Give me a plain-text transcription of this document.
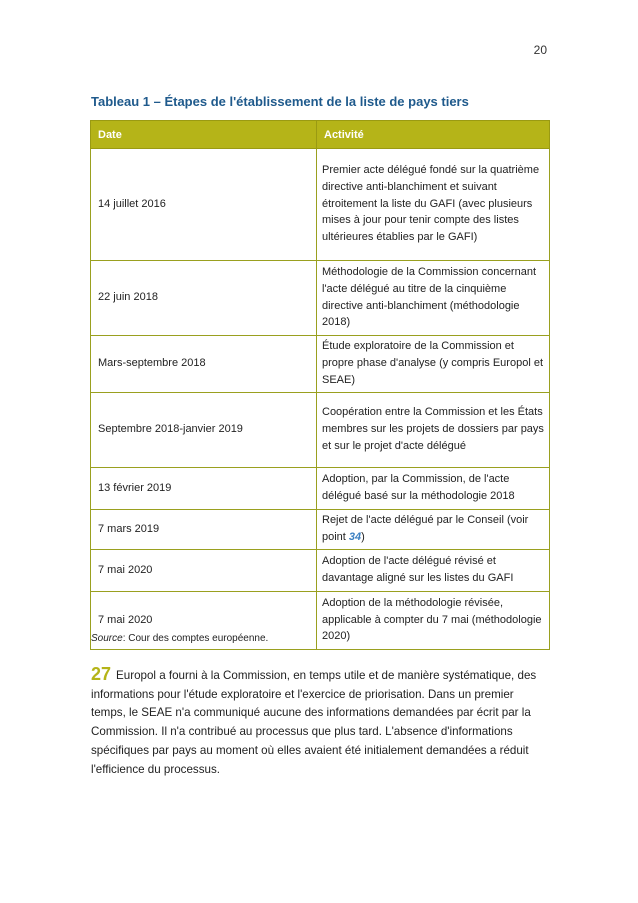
20
Tableau 1 – Étapes de l'établissement de la liste de pays tiers
Date	Activité
14 juillet 2016	Premier acte délégué fondé sur la quatrième directive anti-blanchiment et suivant étroitement la liste du GAFI (avec plusieurs mises à jour pour tenir compte des listes ultérieures établies par le GAFI)
22 juin 2018	Méthodologie de la Commission concernant l'acte délégué au titre de la cinquième directive anti-blanchiment (méthodologie 2018)
Mars-septembre 2018	Étude exploratoire de la Commission et propre phase d'analyse (y compris Europol et SEAE)
Septembre 2018-janvier 2019	Coopération entre la Commission et les États membres sur les projets de dossiers par pays et sur le projet d'acte délégué
13 février 2019	Adoption, par la Commission, de l'acte délégué basé sur la méthodologie 2018
7 mars 2019	Rejet de l'acte délégué par le Conseil (voir point 34)
7 mai 2020	Adoption de l'acte délégué révisé et davantage aligné sur les listes du GAFI
7 mai 2020	Adoption de la méthodologie révisée, applicable à compter du 7 mai (méthodologie 2020)
Source: Cour des comptes européenne.
27 Europol a fourni à la Commission, en temps utile et de manière systématique, des informations pour l'étude exploratoire et l'exercice de priorisation. Dans un premier temps, le SEAE n'a communiqué aucune des informations demandées par écrit par la Commission. Il n'a contribué au processus que plus tard. L'absence d'informations spécifiques par pays au moment où elles avaient été initialement demandées a réduit l'efficience du processus.
